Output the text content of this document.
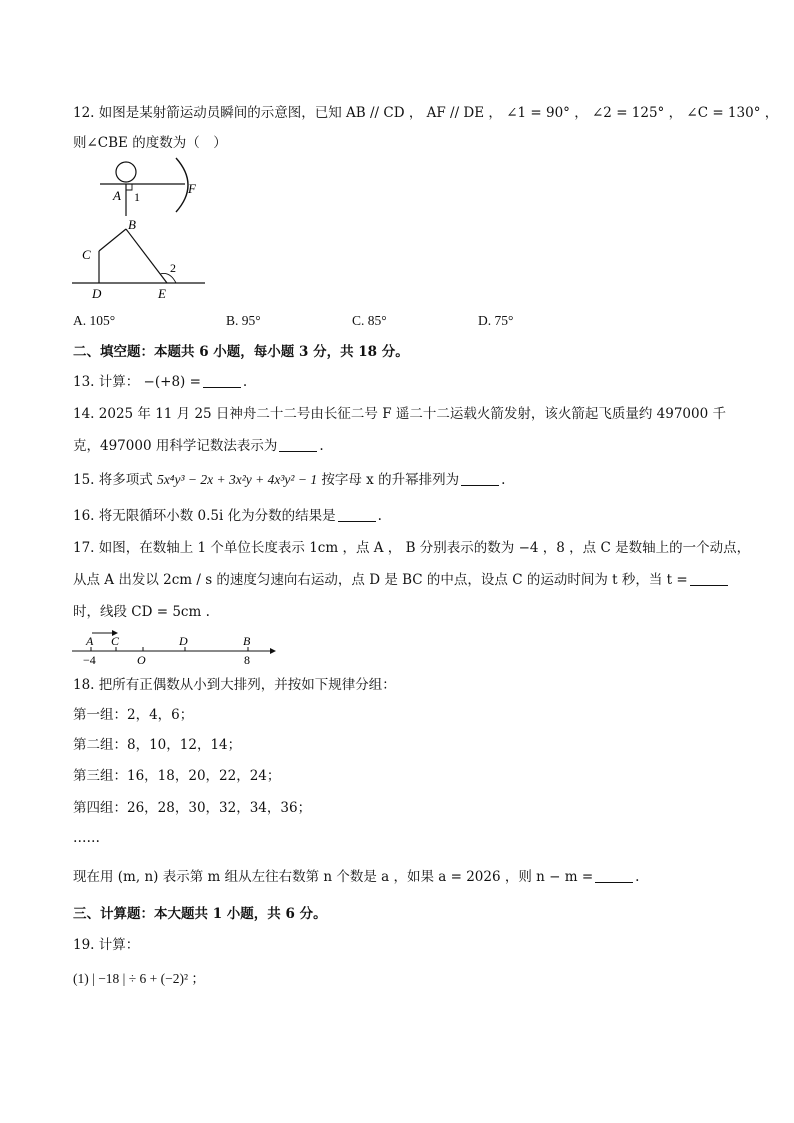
12. 如图是某射箭运动员瞬间的示意图，已知 AB // CD ， AF // DE ， ∠1 = 90° ， ∠2 = 125° ， ∠C = 130° ，
则∠CBE 的度数为（　）
A 1
F
B
C
2
D	E
A. 105°	B. 95°	C. 85°	D. 75°
二、填空题：本题共 6 小题，每小题 3 分，共 18 分。
13. 计算： −(+8) =	.
14. 2025 年 11 月 25 日神舟二十二号由长征二号 F 遥二十二运载火箭发射，该火箭起飞质量约 497000 千
克，497000 用科学记数法表示为	.
15. 将多项式 5x⁴y³ − 2x + 3x²y + 4x³y² − 1 按字母 x 的升幂排列为	.
16. 将无限循环小数 0.5i 化为分数的结果是	.
17. 如图，在数轴上 1 个单位长度表示 1cm ，点 A ， B 分别表示的数为 −4 ，8 ，点 C 是数轴上的一个动点，
从点 A 出发以 2cm / s 的速度匀速向右运动，点 D 是 BC 的中点，设点 C 的运动时间为 t 秒，当 t =
时，线段 CD = 5cm .
A C	D	B
−4	O	8
18. 把所有正偶数从小到大排列，并按如下规律分组：
第一组：2，4，6；
第二组：8，10，12，14；
第三组：16，18，20，22，24；
第四组：26，28，30，32，34，36；
……
现在用 (m, n) 表示第 m 组从左往右数第 n 个数是 a ，如果 a = 2026 ，则 n − m =	.
三、计算题：本大题共 1 小题，共 6 分。
19. 计算：
(1) | −18 | ÷ 6 + (−2)² ；
